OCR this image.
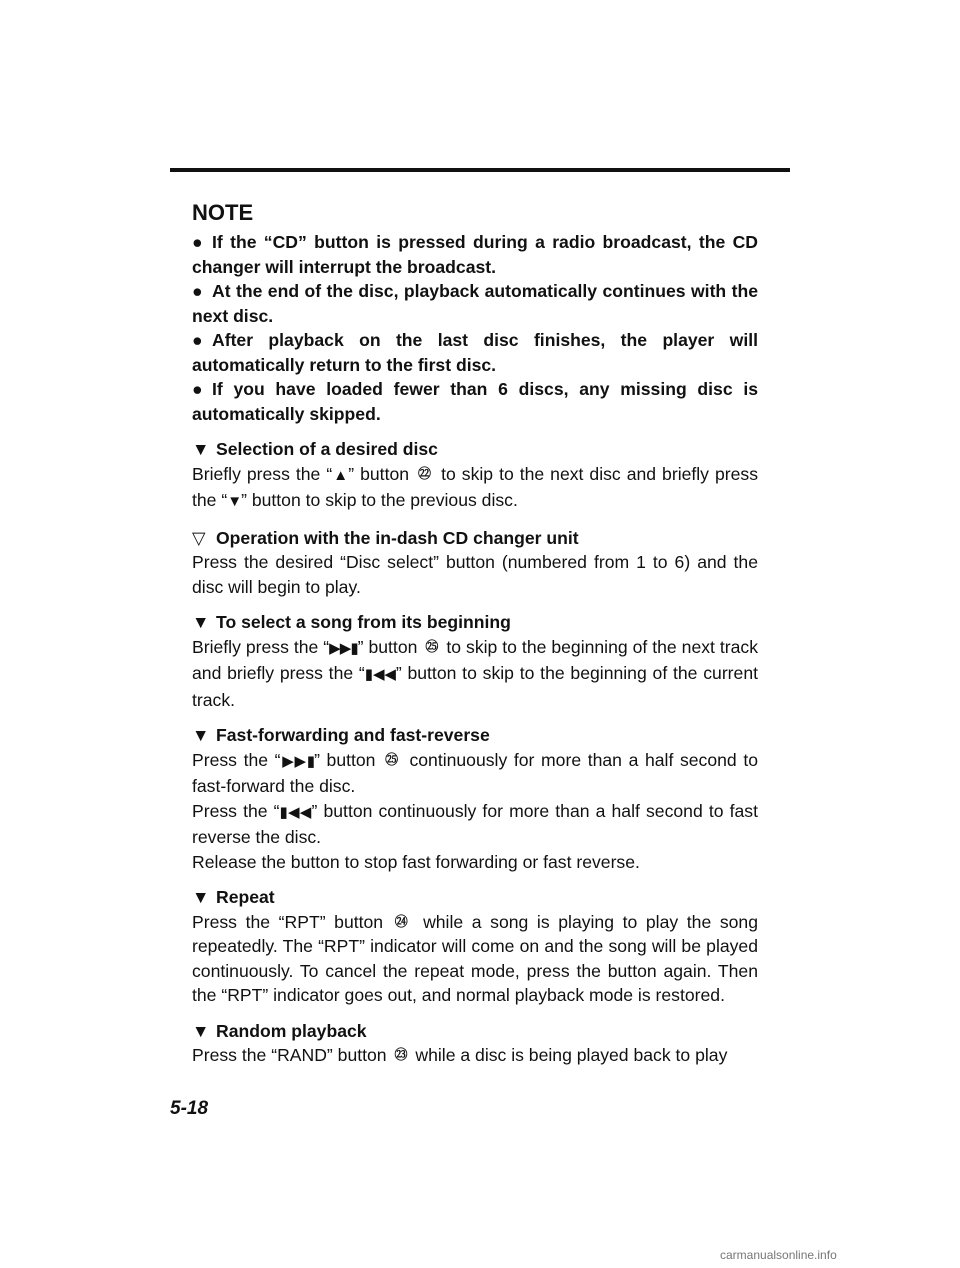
NOTE

● If the “CD” button is pressed during a radio broadcast, the CD changer will interrupt the broadcast.

● At the end of the disc, playback automatically continues with the next disc.

● After playback on the last disc finishes, the player will automatically return to the first disc.

● If you have loaded fewer than 6 discs, any missing disc is automatically skipped.

▼ Selection of a desired disc

Briefly press the “▲” button ㉒ to skip to the next disc and briefly press the “▼” button to skip to the previous disc.

▽ Operation with the in-dash CD changer unit

Press the desired “Disc select” button (numbered from 1 to 6) and the disc will begin to play.

▼ To select a song from its beginning

Briefly press the “▶▶▮” button ㉕ to skip to the beginning of the next track and briefly press the “▮◀◀” button to skip to the beginning of the current track.

▼ Fast-forwarding and fast-reverse

Press the “▶▶▮” button ㉕ continuously for more than a half second to fast-forward the disc.

Press the “▮◀◀” button continuously for more than a half second to fast reverse the disc.

Release the button to stop fast forwarding or fast reverse.

▼ Repeat

Press the “RPT” button ㉔ while a song is playing to play the song repeatedly. The “RPT” indicator will come on and the song will be played continuously. To cancel the repeat mode, press the button again. Then the “RPT” indicator goes out, and normal playback mode is restored.

▼ Random playback

Press the “RAND” button ㉓ while a disc is being played back to play

5-18
carmanualsonline.info
